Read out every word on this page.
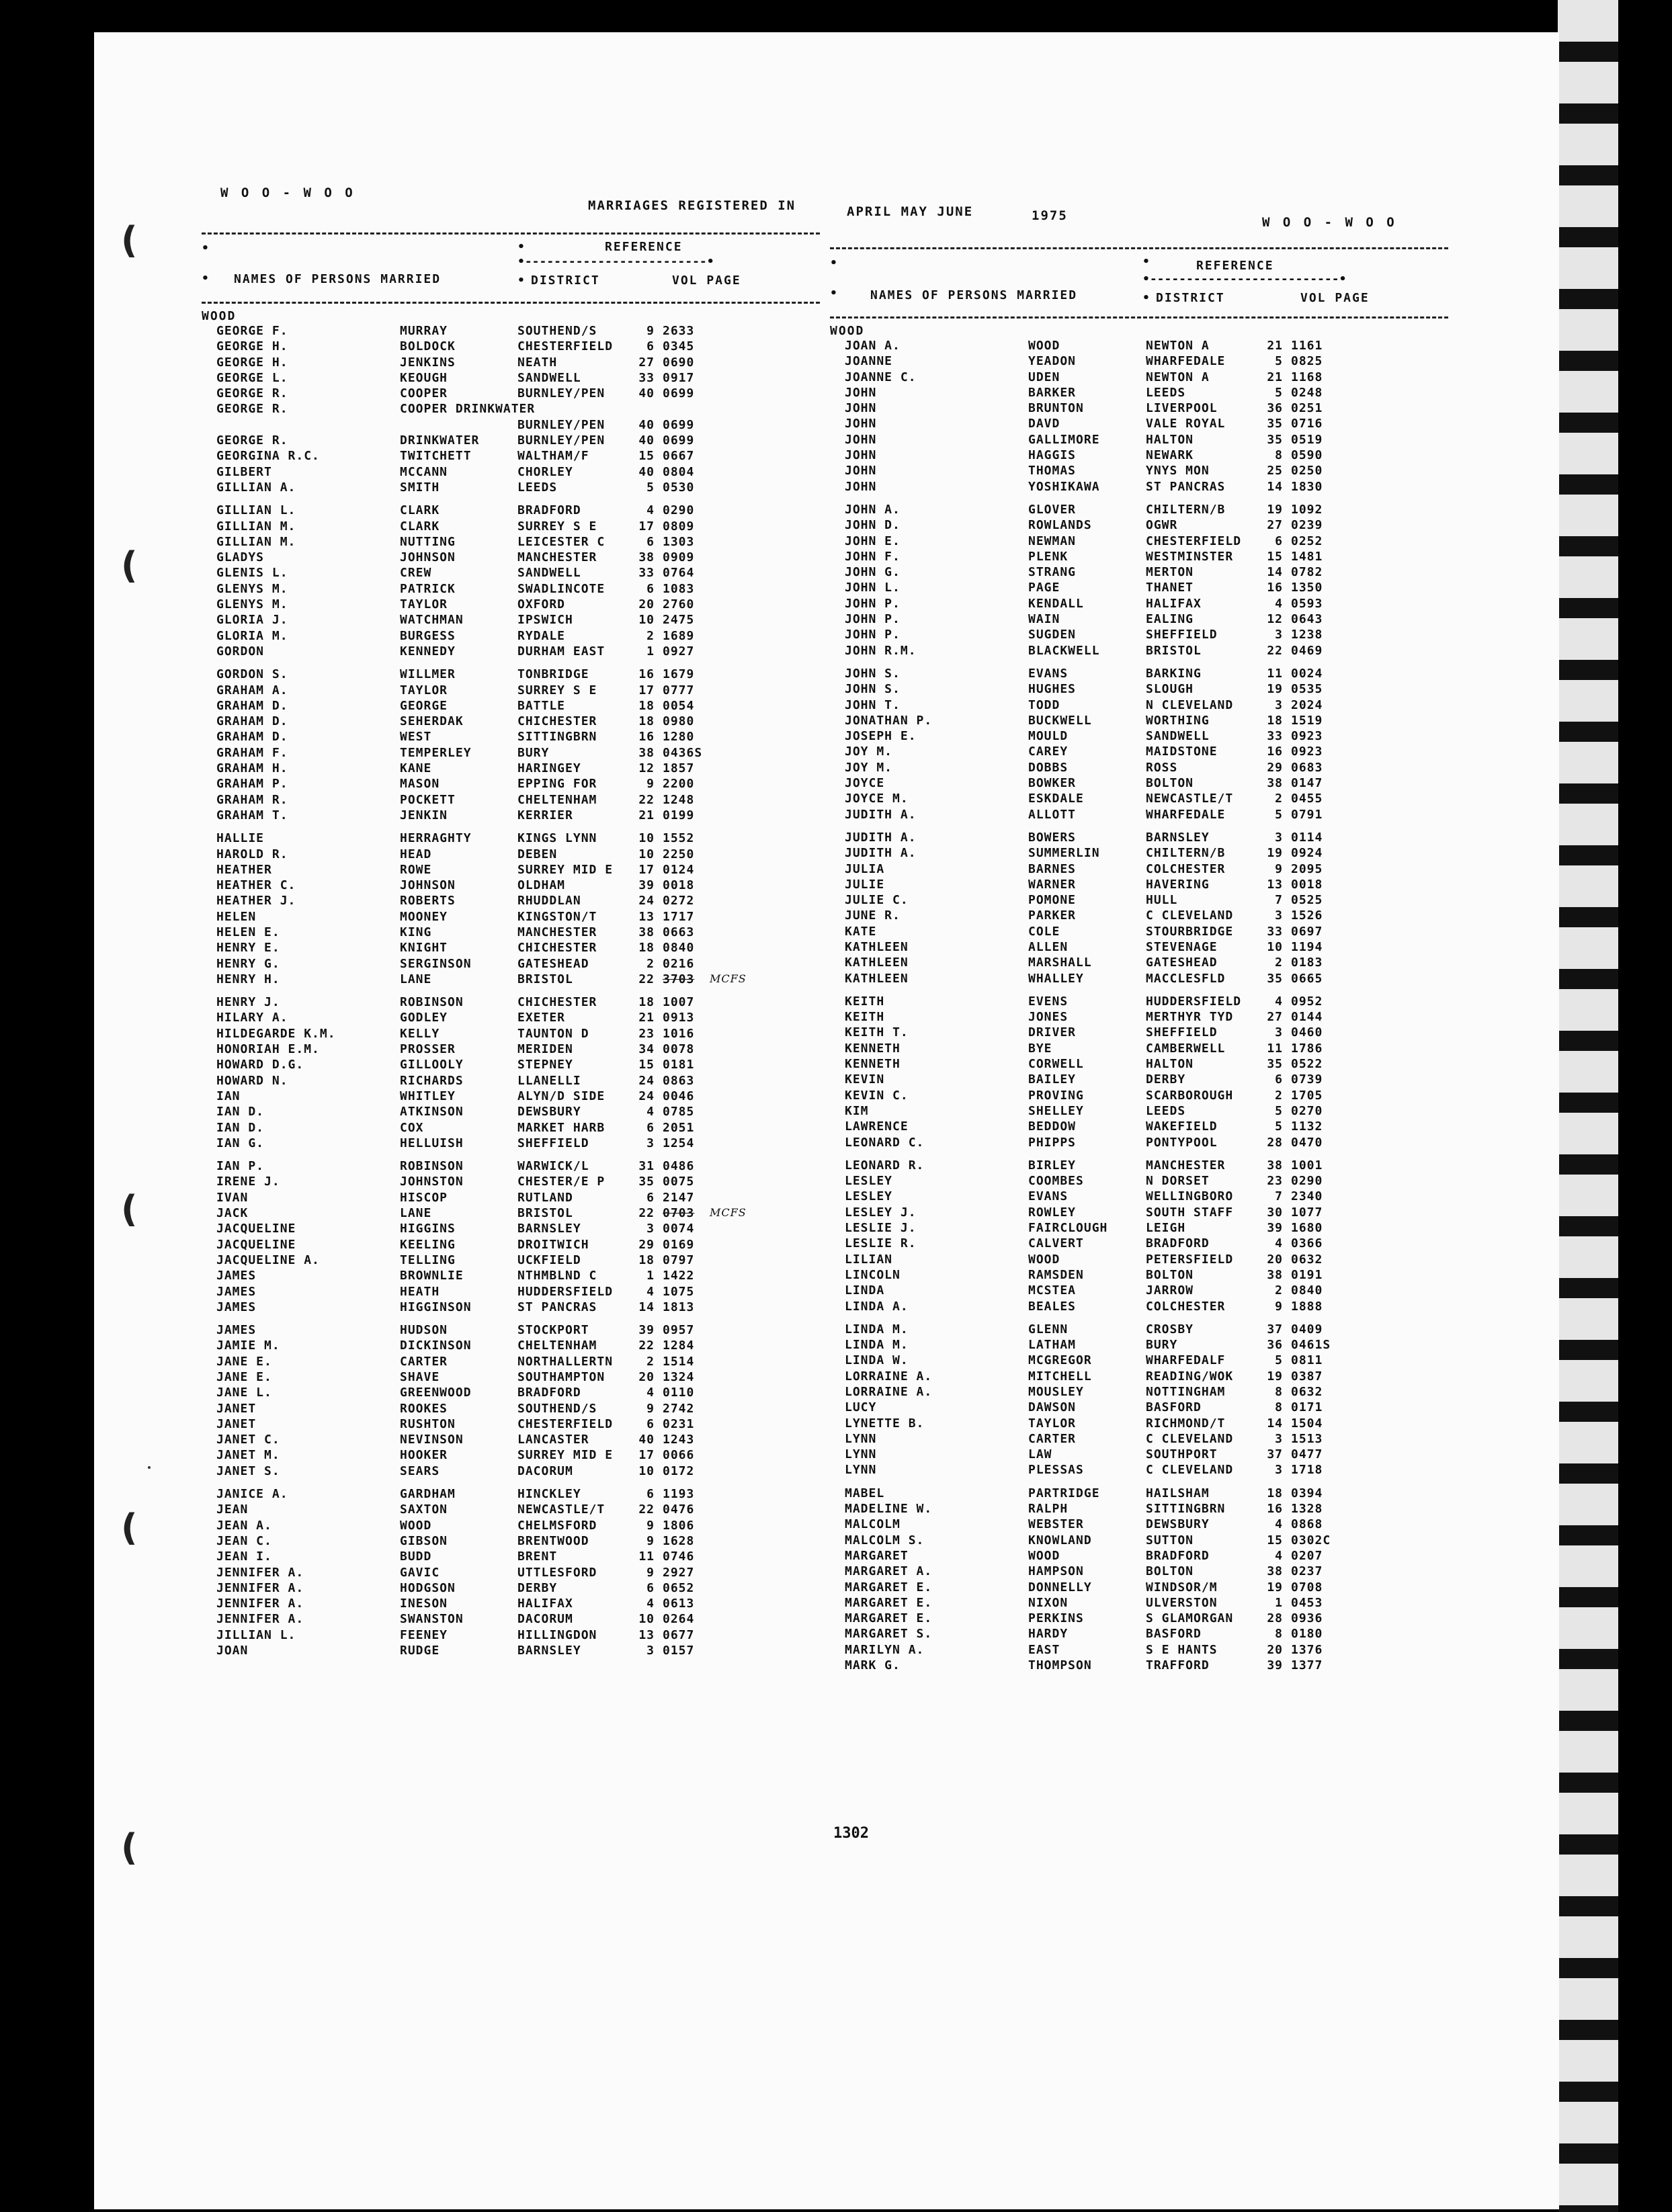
(
(
(
(
(
W O O - W O O
MARRIAGES REGISTERED IN	APRIL MAY JUNE	1975	W O O - W O O
•
•
•	REFERENCE
•-------------------------•
NAMES OF PERSONS MARRIED	• DISTRICT	VOL PAGE
WOOD
GEORGE F.	MURRAY	SOUTHEND/S	9 2633
GEORGE H.	BOLDOCK	CHESTERFIELD	6 0345
GEORGE H.	JENKINS	NEATH	27 0690
GEORGE L.	KEOUGH	SANDWELL	33 0917
GEORGE R.	COOPER	BURNLEY/PEN	40 0699
GEORGE R.	COOPER DRINKWATER
BURNLEY/PEN	40 0699
GEORGE R.	DRINKWATER	BURNLEY/PEN	40 0699
GEORGINA R.C.	TWITCHETT	WALTHAM/F	15 0667
GILBERT	MCCANN	CHORLEY	40 0804
GILLIAN A.	SMITH	LEEDS	5 0530
GILLIAN L.	CLARK	BRADFORD	4 0290
GILLIAN M.	CLARK	SURREY S E	17 0809
GILLIAN M.	NUTTING	LEICESTER C	6 1303
GLADYS	JOHNSON	MANCHESTER	38 0909
GLENIS L.	CREW	SANDWELL	33 0764
GLENYS M.	PATRICK	SWADLINCOTE	6 1083
GLENYS M.	TAYLOR	OXFORD	20 2760
GLORIA J.	WATCHMAN	IPSWICH	10 2475
GLORIA M.	BURGESS	RYDALE	2 1689
GORDON	KENNEDY	DURHAM EAST	1 0927
GORDON S.	WILLMER	TONBRIDGE	16 1679
GRAHAM A.	TAYLOR	SURREY S E	17 0777
GRAHAM D.	GEORGE	BATTLE	18 0054
GRAHAM D.	SEHERDAK	CHICHESTER	18 0980
GRAHAM D.	WEST	SITTINGBRN	16 1280
GRAHAM F.	TEMPERLEY	BURY	38 0436S
GRAHAM H.	KANE	HARINGEY	12 1857
GRAHAM P.	MASON	EPPING FOR	9 2200
GRAHAM R.	POCKETT	CHELTENHAM	22 1248
GRAHAM T.	JENKIN	KERRIER	21 0199
HALLIE	HERRAGHTY	KINGS LYNN	10 1552
HAROLD R.	HEAD	DEBEN	10 2250
HEATHER	ROWE	SURREY MID E	17 0124
HEATHER C.	JOHNSON	OLDHAM	39 0018
HEATHER J.	ROBERTS	RHUDDLAN	24 0272
HELEN	MOONEY	KINGSTON/T	13 1717
HELEN E.	KING	MANCHESTER	38 0663
HENRY E.	KNIGHT	CHICHESTER	18 0840
HENRY G.	SERGINSON	GATESHEAD	2 0216
HENRY H.	LANE	BRISTOL	22 3703 MCFS
HENRY J.	ROBINSON	CHICHESTER	18 1007
HILARY A.	GODLEY	EXETER	21 0913
HILDEGARDE K.M.	KELLY	TAUNTON D	23 1016
HONORIAH E.M.	PROSSER	MERIDEN	34 0078
HOWARD D.G.	GILLOOLY	STEPNEY	15 0181
HOWARD N.	RICHARDS	LLANELLI	24 0863
IAN	WHITLEY	ALYN/D SIDE	24 0046
IAN D.	ATKINSON	DEWSBURY	4 0785
IAN D.	COX	MARKET HARB	6 2051
IAN G.	HELLUISH	SHEFFIELD	3 1254
IAN P.	ROBINSON	WARWICK/L	31 0486
IRENE J.	JOHNSTON	CHESTER/E P	35 0075
IVAN	HISCOP	RUTLAND	6 2147
JACK	LANE	BRISTOL	22 0703 MCFS
JACQUELINE	HIGGINS	BARNSLEY	3 0074
JACQUELINE	KEELING	DROITWICH	29 0169
JACQUELINE A.	TELLING	UCKFIELD	18 0797
JAMES	BROWNLIE	NTHMBLND C	1 1422
JAMES	HEATH	HUDDERSFIELD	4 1075
JAMES	HIGGINSON	ST PANCRAS	14 1813
JAMES	HUDSON	STOCKPORT	39 0957
JAMIE M.	DICKINSON	CHELTENHAM	22 1284
JANE E.	CARTER	NORTHALLERTN	2 1514
JANE E.	SHAVE	SOUTHAMPTON	20 1324
JANE L.	GREENWOOD	BRADFORD	4 0110
JANET	ROOKES	SOUTHEND/S	9 2742
JANET	RUSHTON	CHESTERFIELD	6 0231
JANET C.	NEVINSON	LANCASTER	40 1243
JANET M.	HOOKER	SURREY MID E	17 0066
JANET S.	SEARS	DACORUM	10 0172
JANICE A.	GARDHAM	HINCKLEY	6 1193
JEAN	SAXTON	NEWCASTLE/T	22 0476
JEAN A.	WOOD	CHELMSFORD	9 1806
JEAN C.	GIBSON	BRENTWOOD	9 1628
JEAN I.	BUDD	BRENT	11 0746
JENNIFER A.	GAVIC	UTTLESFORD	9 2927
JENNIFER A.	HODGSON	DERBY	6 0652
JENNIFER A.	INESON	HALIFAX	4 0613
JENNIFER A.	SWANSTON	DACORUM	10 0264
JILLIAN L.	FEENEY	HILLINGDON	13 0677
JOAN	RUDGE	BARNSLEY	3 0157
•
•
•	REFERENCE
•--------------------------•
NAMES OF PERSONS MARRIED	• DISTRICT	VOL PAGE
WOOD
JOAN A.	WOOD	NEWTON A	21 1161
JOANNE	YEADON	WHARFEDALE	5 0825
JOANNE C.	UDEN	NEWTON A	21 1168
JOHN	BARKER	LEEDS	5 0248
JOHN	BRUNTON	LIVERPOOL	36 0251
JOHN	DAVD	VALE ROYAL	35 0716
JOHN	GALLIMORE	HALTON	35 0519
JOHN	HAGGIS	NEWARK	8 0590
JOHN	THOMAS	YNYS MON	25 0250
JOHN	YOSHIKAWA	ST PANCRAS	14 1830
JOHN A.	GLOVER	CHILTERN/B	19 1092
JOHN D.	ROWLANDS	OGWR	27 0239
JOHN E.	NEWMAN	CHESTERFIELD	6 0252
JOHN F.	PLENK	WESTMINSTER	15 1481
JOHN G.	STRANG	MERTON	14 0782
JOHN L.	PAGE	THANET	16 1350
JOHN P.	KENDALL	HALIFAX	4 0593
JOHN P.	WAIN	EALING	12 0643
JOHN P.	SUGDEN	SHEFFIELD	3 1238
JOHN R.M.	BLACKWELL	BRISTOL	22 0469
JOHN S.	EVANS	BARKING	11 0024
JOHN S.	HUGHES	SLOUGH	19 0535
JOHN T.	TODD	N CLEVELAND	3 2024
JONATHAN P.	BUCKWELL	WORTHING	18 1519
JOSEPH E.	MOULD	SANDWELL	33 0923
JOY M.	CAREY	MAIDSTONE	16 0923
JOY M.	DOBBS	ROSS	29 0683
JOYCE	BOWKER	BOLTON	38 0147
JOYCE M.	ESKDALE	NEWCASTLE/T	2 0455
JUDITH A.	ALLOTT	WHARFEDALE	5 0791
JUDITH A.	BOWERS	BARNSLEY	3 0114
JUDITH A.	SUMMERLIN	CHILTERN/B	19 0924
JULIA	BARNES	COLCHESTER	9 2095
JULIE	WARNER	HAVERING	13 0018
JULIE C.	POMONE	HULL	7 0525
JUNE R.	PARKER	C CLEVELAND	3 1526
KATE	COLE	STOURBRIDGE	33 0697
KATHLEEN	ALLEN	STEVENAGE	10 1194
KATHLEEN	MARSHALL	GATESHEAD	2 0183
KATHLEEN	WHALLEY	MACCLESFLD	35 0665
KEITH	EVENS	HUDDERSFIELD	4 0952
KEITH	JONES	MERTHYR TYD	27 0144
KEITH T.	DRIVER	SHEFFIELD	3 0460
KENNETH	BYE	CAMBERWELL	11 1786
KENNETH	CORWELL	HALTON	35 0522
KEVIN	BAILEY	DERBY	6 0739
KEVIN C.	PROVING	SCARBOROUGH	2 1705
KIM	SHELLEY	LEEDS	5 0270
LAWRENCE	BEDDOW	WAKEFIELD	5 1132
LEONARD C.	PHIPPS	PONTYPOOL	28 0470
LEONARD R.	BIRLEY	MANCHESTER	38 1001
LESLEY	COOMBES	N DORSET	23 0290
LESLEY	EVANS	WELLINGBORO	7 2340
LESLEY J.	ROWLEY	SOUTH STAFF	30 1077
LESLIE J.	FAIRCLOUGH	LEIGH	39 1680
LESLIE R.	CALVERT	BRADFORD	4 0366
LILIAN	WOOD	PETERSFIELD	20 0632
LINCOLN	RAMSDEN	BOLTON	38 0191
LINDA	MCSTEA	JARROW	2 0840
LINDA A.	BEALES	COLCHESTER	9 1888
LINDA M.	GLENN	CROSBY	37 0409
LINDA M.	LATHAM	BURY	36 0461S
LINDA W.	MCGREGOR	WHARFEDALF	5 0811
LORRAINE A.	MITCHELL	READING/WOK	19 0387
LORRAINE A.	MOUSLEY	NOTTINGHAM	8 0632
LUCY	DAWSON	BASFORD	8 0171
LYNETTE B.	TAYLOR	RICHMOND/T	14 1504
LYNN	CARTER	C CLEVELAND	3 1513
LYNN	LAW	SOUTHPORT	37 0477
LYNN	PLESSAS	C CLEVELAND	3 1718
MABEL	PARTRIDGE	HAILSHAM	18 0394
MADELINE W.	RALPH	SITTINGBRN	16 1328
MALCOLM	WEBSTER	DEWSBURY	4 0868
MALCOLM S.	KNOWLAND	SUTTON	15 0302C
MARGARET	WOOD	BRADFORD	4 0207
MARGARET A.	HAMPSON	BOLTON	38 0237
MARGARET E.	DONNELLY	WINDSOR/M	19 0708
MARGARET E.	NIXON	ULVERSTON	1 0453
MARGARET E.	PERKINS	S GLAMORGAN	28 0936
MARGARET S.	HARDY	BASFORD	8 0180
MARILYN A.	EAST	S E HANTS	20 1376
MARK G.	THOMPSON	TRAFFORD	39 1377
1302
